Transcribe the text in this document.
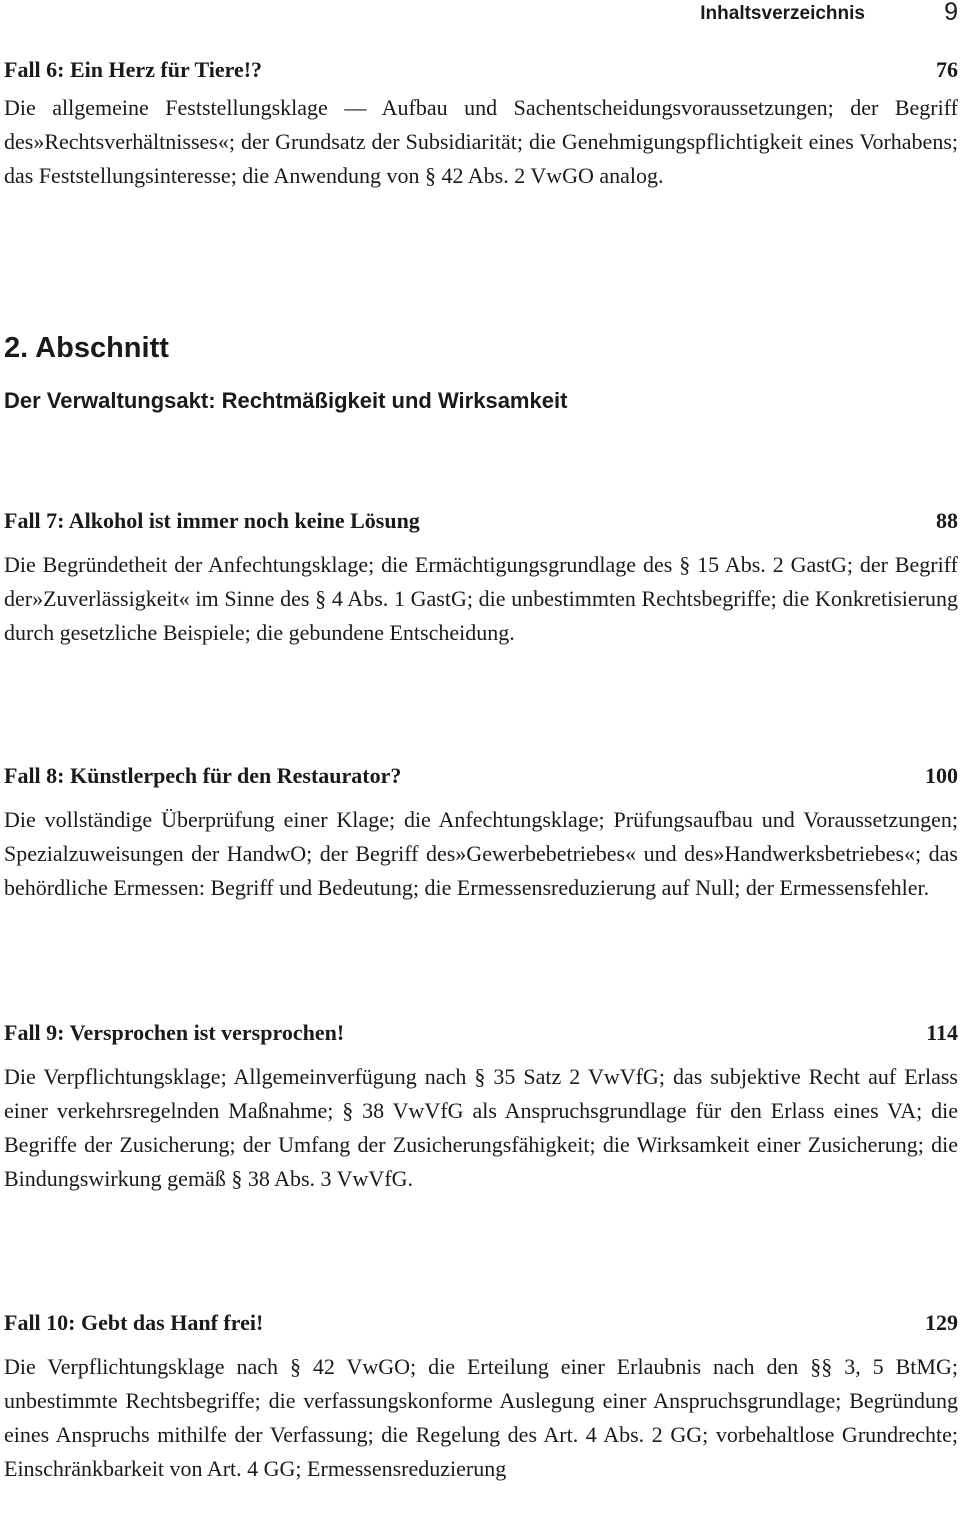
Inhaltsverzeichnis	9
Fall 6: Ein Herz für Tiere!?	76
Die allgemeine Feststellungsklage — Aufbau und Sachentscheidungsvoraussetzungen; der Begriff des»Rechtsverhältnisses«; der Grundsatz der Subsidiarität; die Genehmigungspflichtigkeit eines Vorhabens; das Feststellungsinteresse; die Anwendung von § 42 Abs. 2 VwGO analog.
2. Abschnitt
Der Verwaltungsakt: Rechtmäßigkeit und Wirksamkeit
Fall 7: Alkohol ist immer noch keine Lösung	88
Die Begründetheit der Anfechtungsklage; die Ermächtigungsgrundlage des § 15 Abs. 2 GastG; der Begriff der»Zuverlässigkeit« im Sinne des § 4 Abs. 1 GastG; die unbestimmten Rechtsbegriffe; die Konkretisierung durch gesetzliche Beispiele; die gebundene Entscheidung.
Fall 8: Künstlerpech für den Restaurator?	100
Die vollständige Überprüfung einer Klage; die Anfechtungsklage; Prüfungsaufbau und Voraussetzungen; Spezialzuweisungen der HandwO; der Begriff des»Gewerbebetriebes« und des»Handwerksbetriebes«; das behördliche Ermessen: Begriff und Bedeutung; die Ermessensreduzierung auf Null; der Ermessensfehler.
Fall 9: Versprochen ist versprochen!	114
Die Verpflichtungsklage; Allgemeinverfügung nach § 35 Satz 2 VwVfG; das subjektive Recht auf Erlass einer verkehrsregelnden Maßnahme; § 38 VwVfG als Anspruchsgrundlage für den Erlass eines VA; die Begriffe der Zusicherung; der Umfang der Zusicherungsfähigkeit; die Wirksamkeit einer Zusicherung; die Bindungswirkung gemäß § 38 Abs. 3 VwVfG.
Fall 10: Gebt das Hanf frei!	129
Die Verpflichtungsklage nach § 42 VwGO; die Erteilung einer Erlaubnis nach den §§ 3, 5 BtMG; unbestimmte Rechtsbegriffe; die verfassungskonforme Auslegung einer Anspruchsgrundlage; Begründung eines Anspruchs mithilfe der Verfassung; die Regelung des Art. 4 Abs. 2 GG; vorbehaltlose Grundrechte; Einschränkbarkeit von Art. 4 GG; Ermessensreduzierung
